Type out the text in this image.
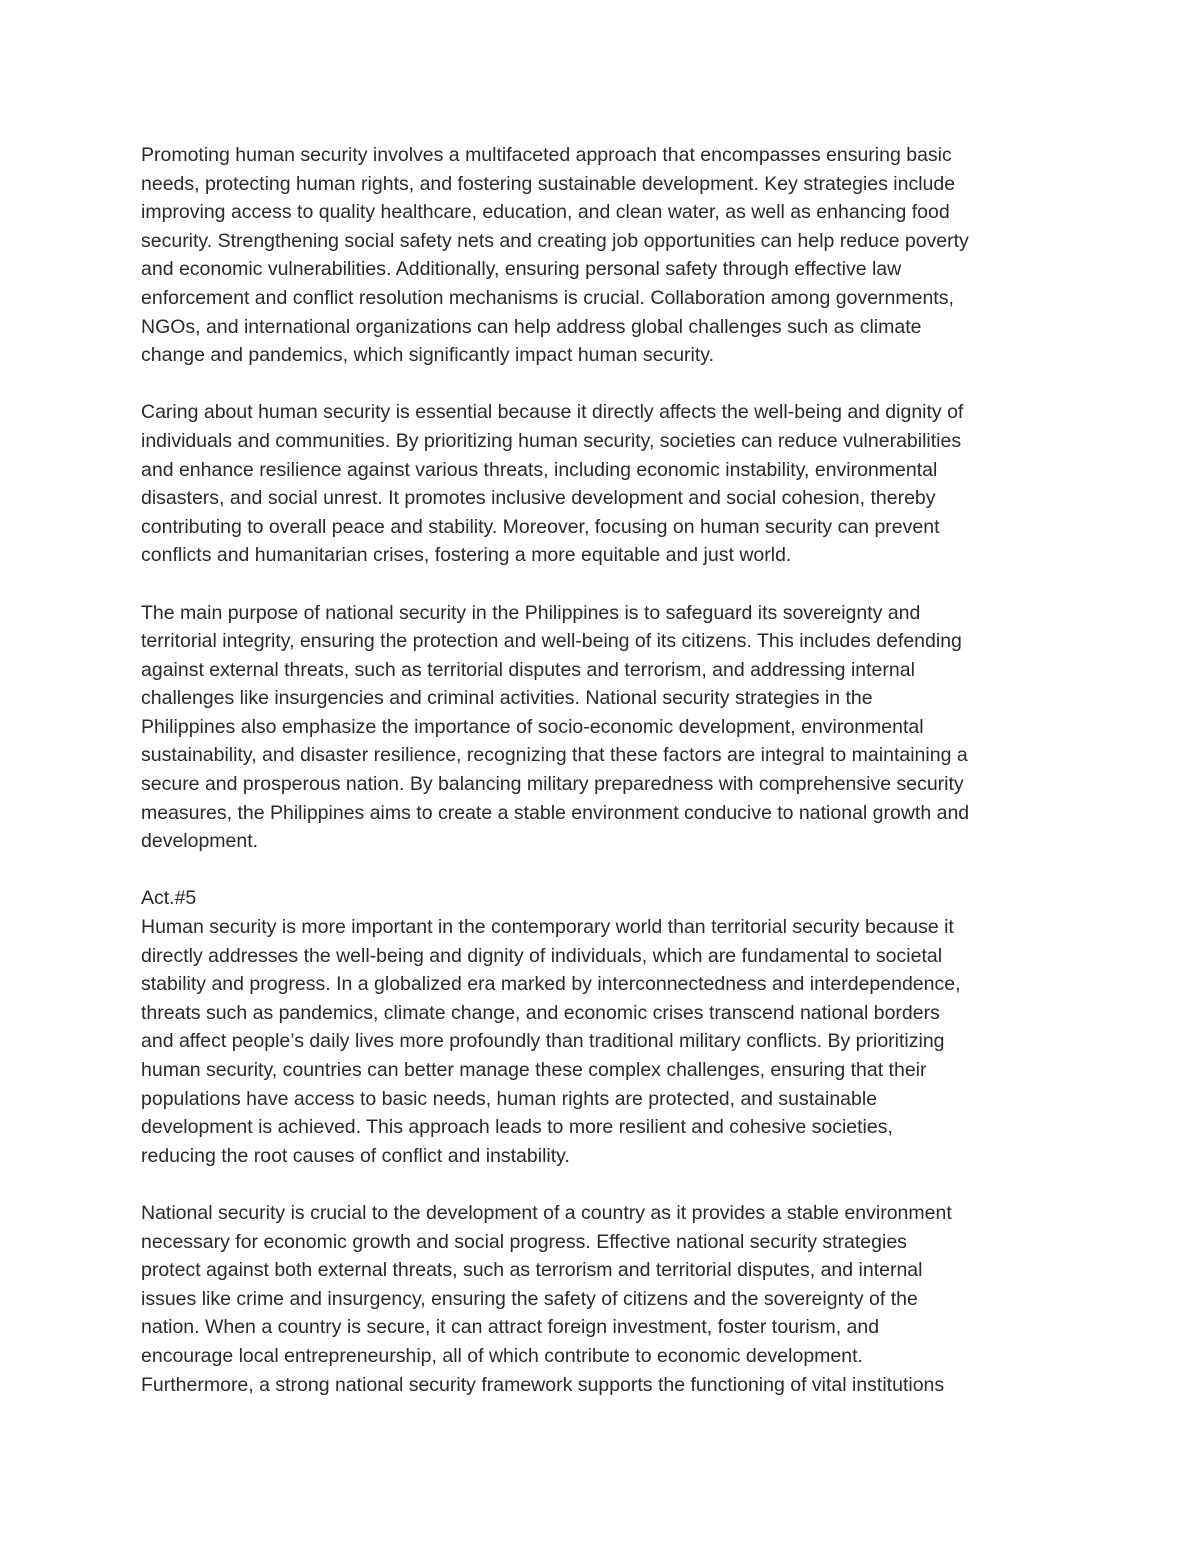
Promoting human security involves a multifaceted approach that encompasses ensuring basic
needs, protecting human rights, and fostering sustainable development. Key strategies include
improving access to quality healthcare, education, and clean water, as well as enhancing food
security. Strengthening social safety nets and creating job opportunities can help reduce poverty
and economic vulnerabilities. Additionally, ensuring personal safety through effective law
enforcement and conflict resolution mechanisms is crucial. Collaboration among governments,
NGOs, and international organizations can help address global challenges such as climate
change and pandemics, which significantly impact human security.
Caring about human security is essential because it directly affects the well-being and dignity of
individuals and communities. By prioritizing human security, societies can reduce vulnerabilities
and enhance resilience against various threats, including economic instability, environmental
disasters, and social unrest. It promotes inclusive development and social cohesion, thereby
contributing to overall peace and stability. Moreover, focusing on human security can prevent
conflicts and humanitarian crises, fostering a more equitable and just world.
The main purpose of national security in the Philippines is to safeguard its sovereignty and
territorial integrity, ensuring the protection and well-being of its citizens. This includes defending
against external threats, such as territorial disputes and terrorism, and addressing internal
challenges like insurgencies and criminal activities. National security strategies in the
Philippines also emphasize the importance of socio-economic development, environmental
sustainability, and disaster resilience, recognizing that these factors are integral to maintaining a
secure and prosperous nation. By balancing military preparedness with comprehensive security
measures, the Philippines aims to create a stable environment conducive to national growth and
development.
Act.#5
Human security is more important in the contemporary world than territorial security because it
directly addresses the well-being and dignity of individuals, which are fundamental to societal
stability and progress. In a globalized era marked by interconnectedness and interdependence,
threats such as pandemics, climate change, and economic crises transcend national borders
and affect people’s daily lives more profoundly than traditional military conflicts. By prioritizing
human security, countries can better manage these complex challenges, ensuring that their
populations have access to basic needs, human rights are protected, and sustainable
development is achieved. This approach leads to more resilient and cohesive societies,
reducing the root causes of conflict and instability.
National security is crucial to the development of a country as it provides a stable environment
necessary for economic growth and social progress. Effective national security strategies
protect against both external threats, such as terrorism and territorial disputes, and internal
issues like crime and insurgency, ensuring the safety of citizens and the sovereignty of the
nation. When a country is secure, it can attract foreign investment, foster tourism, and
encourage local entrepreneurship, all of which contribute to economic development.
Furthermore, a strong national security framework supports the functioning of vital institutions
